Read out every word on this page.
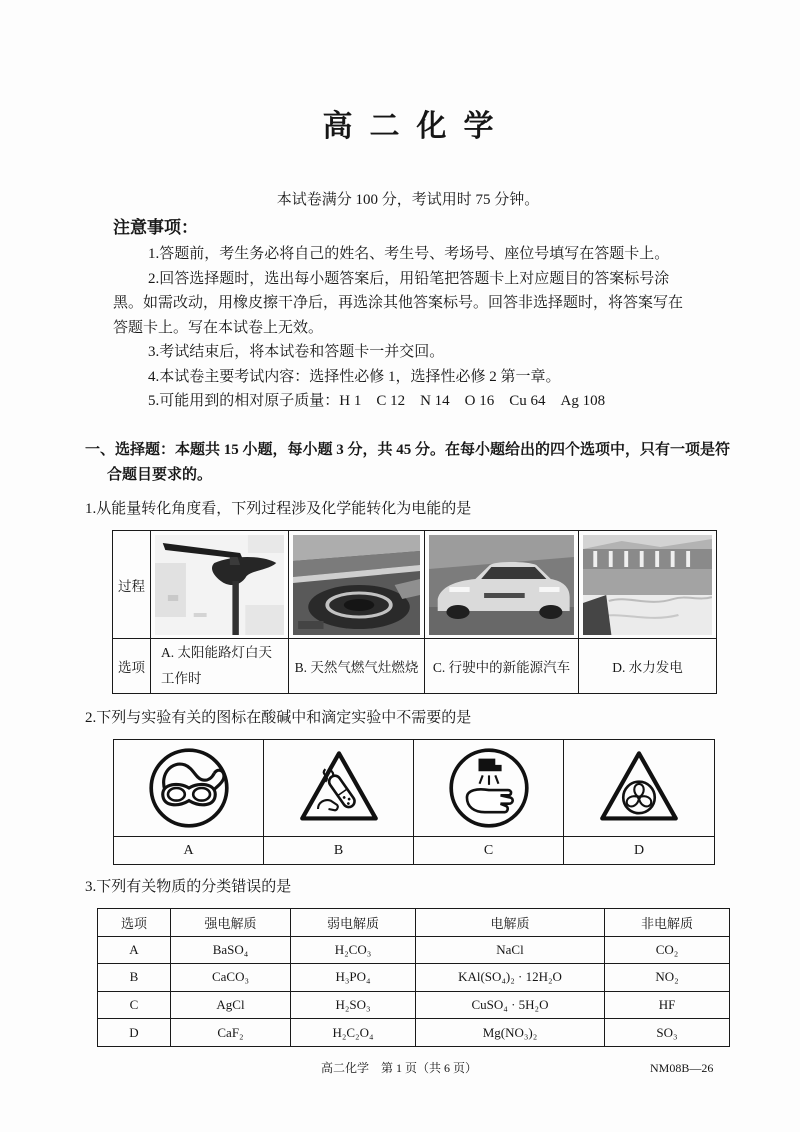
高二化学
本试卷满分 100 分，考试用时 75 分钟。
注意事项：
1.答题前，考生务必将自己的姓名、考生号、考场号、座位号填写在答题卡上。
2.回答选择题时，选出每小题答案后，用铅笔把答题卡上对应题目的答案标号涂
黑。如需改动，用橡皮擦干净后，再选涂其他答案标号。回答非选择题时，将答案写在
答题卡上。写在本试卷上无效。
3.考试结束后，将本试卷和答题卡一并交回。
4.本试卷主要考试内容：选择性必修 1，选择性必修 2 第一章。
5.可能用到的相对原子质量：H 1　C 12　N 14　O 16　Cu 64　Ag 108
一、选择题：本题共 15 小题，每小题 3 分，共 45 分。在每小题给出的四个选项中，只有一项是符
合题目要求的。
1.从能量转化角度看，下列过程涉及化学能转化为电能的是
过程	

选项	A. 太阳能路灯白天工作时	B. 天然气燃气灶燃烧	C. 行驶中的新能源汽车	D. 水力发电
2.下列与实验有关的图标在酸碱中和滴定实验中不需要的是

A	B	C	D
3.下列有关物质的分类错误的是
选项	强电解质	弱电解质	电解质	非电解质
A	BaSO₄	H₂CO₃	NaCl	CO₂
B	CaCO₃	H₃PO₄	KAl(SO₄)₂ · 12H₂O	NO₂
C	AgCl	H₂SO₃	CuSO₄ · 5H₂O	HF
D	CaF₂	H₂C₂O₄	Mg(NO₃)₂	SO₃
高二化学　第 1 页（共 6 页）	NM08B—26
